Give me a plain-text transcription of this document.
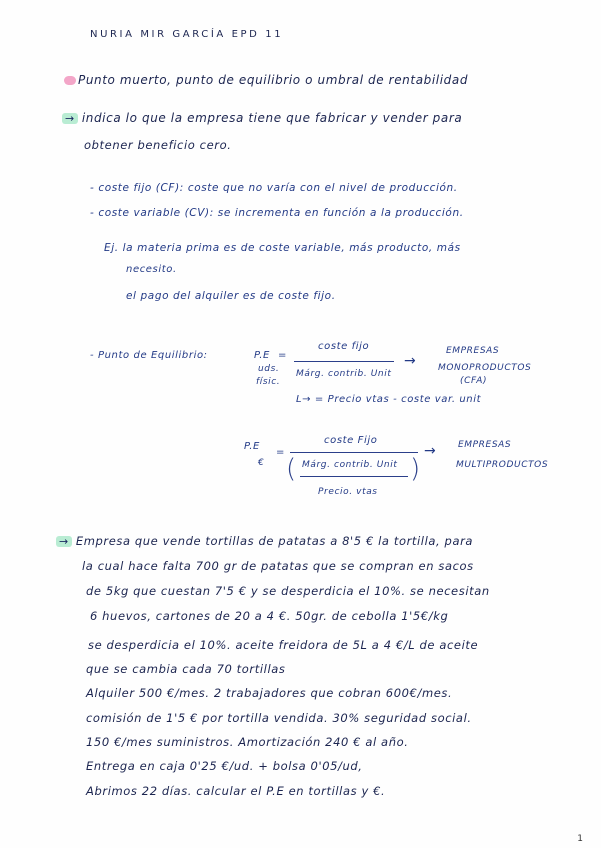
NURIA MIR GARCÍA EPD 11
Punto muerto, punto de equilibrio o umbral de rentabilidad
→ indica lo que la empresa tiene que fabricar y vender para
obtener beneficio cero.
- coste fijo (CF): coste que no varía con el nivel de producción.
- coste variable (CV): se incrementa en función a la producción.
Ej. la materia prima es de coste variable, más producto, más
necesito.
el pago del alquiler es de coste fijo.
- Punto de Equilibrio:	P.E =
uds.
físic.
coste fijo
Márg. contrib. Unit
→
EMPRESAS
MONOPRODUCTOS
(CFA)
L→ = Precio vtas - coste var. unit
P.E
€
=
coste Fijo
(	)
Márg. contrib. Unit
Precio. vtas
→ EMPRESAS
MULTIPRODUCTOS
→ Empresa que vende tortillas de patatas a 8'5 € la tortilla, para
la cual hace falta 700 gr de patatas que se compran en sacos
de 5kg que cuestan 7'5 € y se desperdicia el 10%. se necesitan
6 huevos, cartones de 20 a 4 €. 50gr. de cebolla 1'5€/kg
se desperdicia el 10%. aceite freidora de 5L a 4 €/L de aceite
que se cambia cada 70 tortillas
Alquiler 500 €/mes. 2 trabajadores que cobran 600€/mes.
comisión de 1'5 € por tortilla vendida. 30% seguridad social.
150 €/mes suministros. Amortización 240 € al año.
Entrega en caja 0'25 €/ud. + bolsa 0'05/ud,
Abrimos 22 días. calcular el P.E en tortillas y €.
1
